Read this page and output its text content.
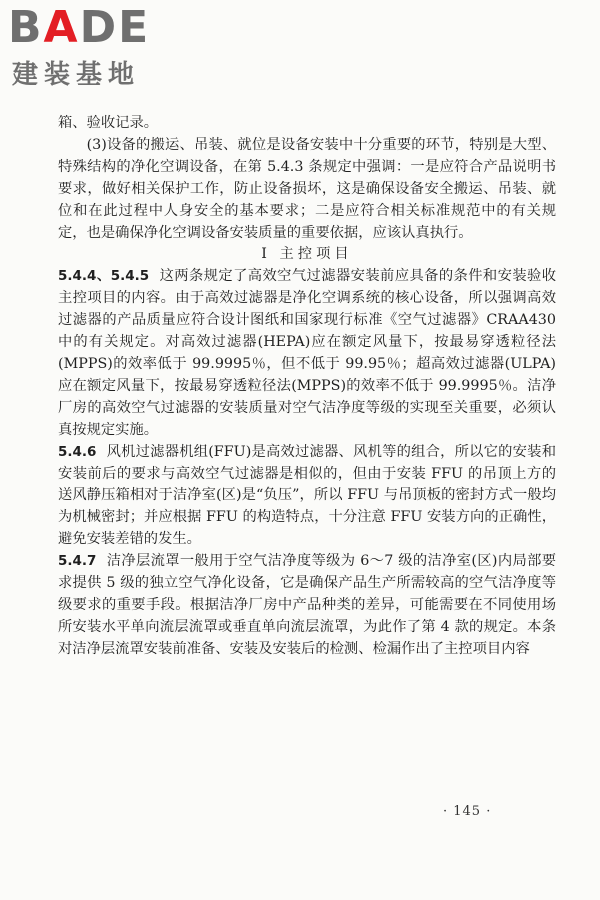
BADE
建装基地

箱、验收记录。

(3)设备的搬运、吊装、就位是设备安装中十分重要的环节，特别是大型、特殊结构的净化空调设备，在第 5.4.3 条规定中强调：一是应符合产品说明书要求，做好相关保护工作，防止设备损坏，这是确保设备安全搬运、吊装、就位和在此过程中人身安全的基本要求；二是应符合相关标准规范中的有关规定，也是确保净化空调设备安装质量的重要依据，应该认真执行。

Ⅰ 主控项目

5.4.4、5.4.5 这两条规定了高效空气过滤器安装前应具备的条件和安装验收主控项目的内容。由于高效过滤器是净化空调系统的核心设备，所以强调高效过滤器的产品质量应符合设计图纸和国家现行标准《空气过滤器》CRAA430 中的有关规定。对高效过滤器(HEPA)应在额定风量下，按最易穿透粒径法(MPPS)的效率低于 99.9995％，但不低于 99.95％；超高效过滤器(ULPA)应在额定风量下，按最易穿透粒径法(MPPS)的效率不低于 99.9995％。洁净厂房的高效空气过滤器的安装质量对空气洁净度等级的实现至关重要，必须认真按规定实施。

5.4.6 风机过滤器机组(FFU)是高效过滤器、风机等的组合，所以它的安装和安装前后的要求与高效空气过滤器是相似的，但由于安装 FFU 的吊顶上方的送风静压箱相对于洁净室(区)是“负压”，所以 FFU 与吊顶板的密封方式一般均为机械密封；并应根据 FFU 的构造特点，十分注意 FFU 安装方向的正确性，避免安装差错的发生。

5.4.7 洁净层流罩一般用于空气洁净度等级为 6～7 级的洁净室(区)内局部要求提供 5 级的独立空气净化设备，它是确保产品生产所需较高的空气洁净度等级要求的重要手段。根据洁净厂房中产品种类的差异，可能需要在不同使用场所安装水平单向流层流罩或垂直单向流层流罩，为此作了第 4 款的规定。本条对洁净层流罩安装前准备、安装及安装后的检测、检漏作出了主控项目内容

· 145 ·
